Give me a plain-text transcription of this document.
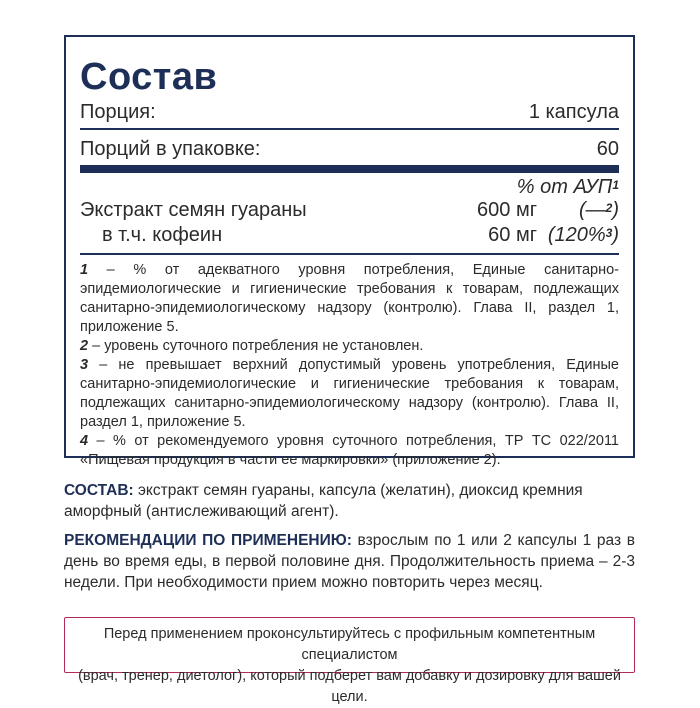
Состав
Порция:	1 капсула
Порций в упаковке:	60
% от АУП$^1$
Экстракт семян гуараны	600 мг (—$^2$)
в т.ч. кофеин	60 мг (120%$^3$)

1 – % от адекватного уровня потребления, Единые санитарно-эпидемиологические и гигиенические требования к товарам, подлежащих санитарно-эпидемиологическому надзору (контролю). Глава II, раздел 1, приложение 5.

2 – уровень суточного потребления не установлен.

3 – не превышает верхний допустимый уровень употребления, Единые санитарно-эпидемиологические и гигиенические требования к товарам, подлежащих санитарно-эпидемиологическому надзору (контролю). Глава II, раздел 1, приложение 5.

4 – % от рекомендуемого уровня суточного потребления, ТР ТС 022/2011 «Пищевая продукция в части ее маркировки» (приложение 2).

СОСТАВ: экстракт семян гуараны, капсула (желатин), диоксид кремния аморфный (антислеживающий агент).
РЕКОМЕНДАЦИИ ПО ПРИМЕНЕНИЮ: взрослым по 1 или 2 капсулы 1 раз в день во время еды, в первой половине дня. Продолжительность приема – 2-3 недели. При необходимости прием можно повторить через месяц.
Перед применением проконсультируйтесь с профильным компетентным специалистом
(врач, тренер, диетолог), который подберет вам добавку и дозировку для вашей цели.
